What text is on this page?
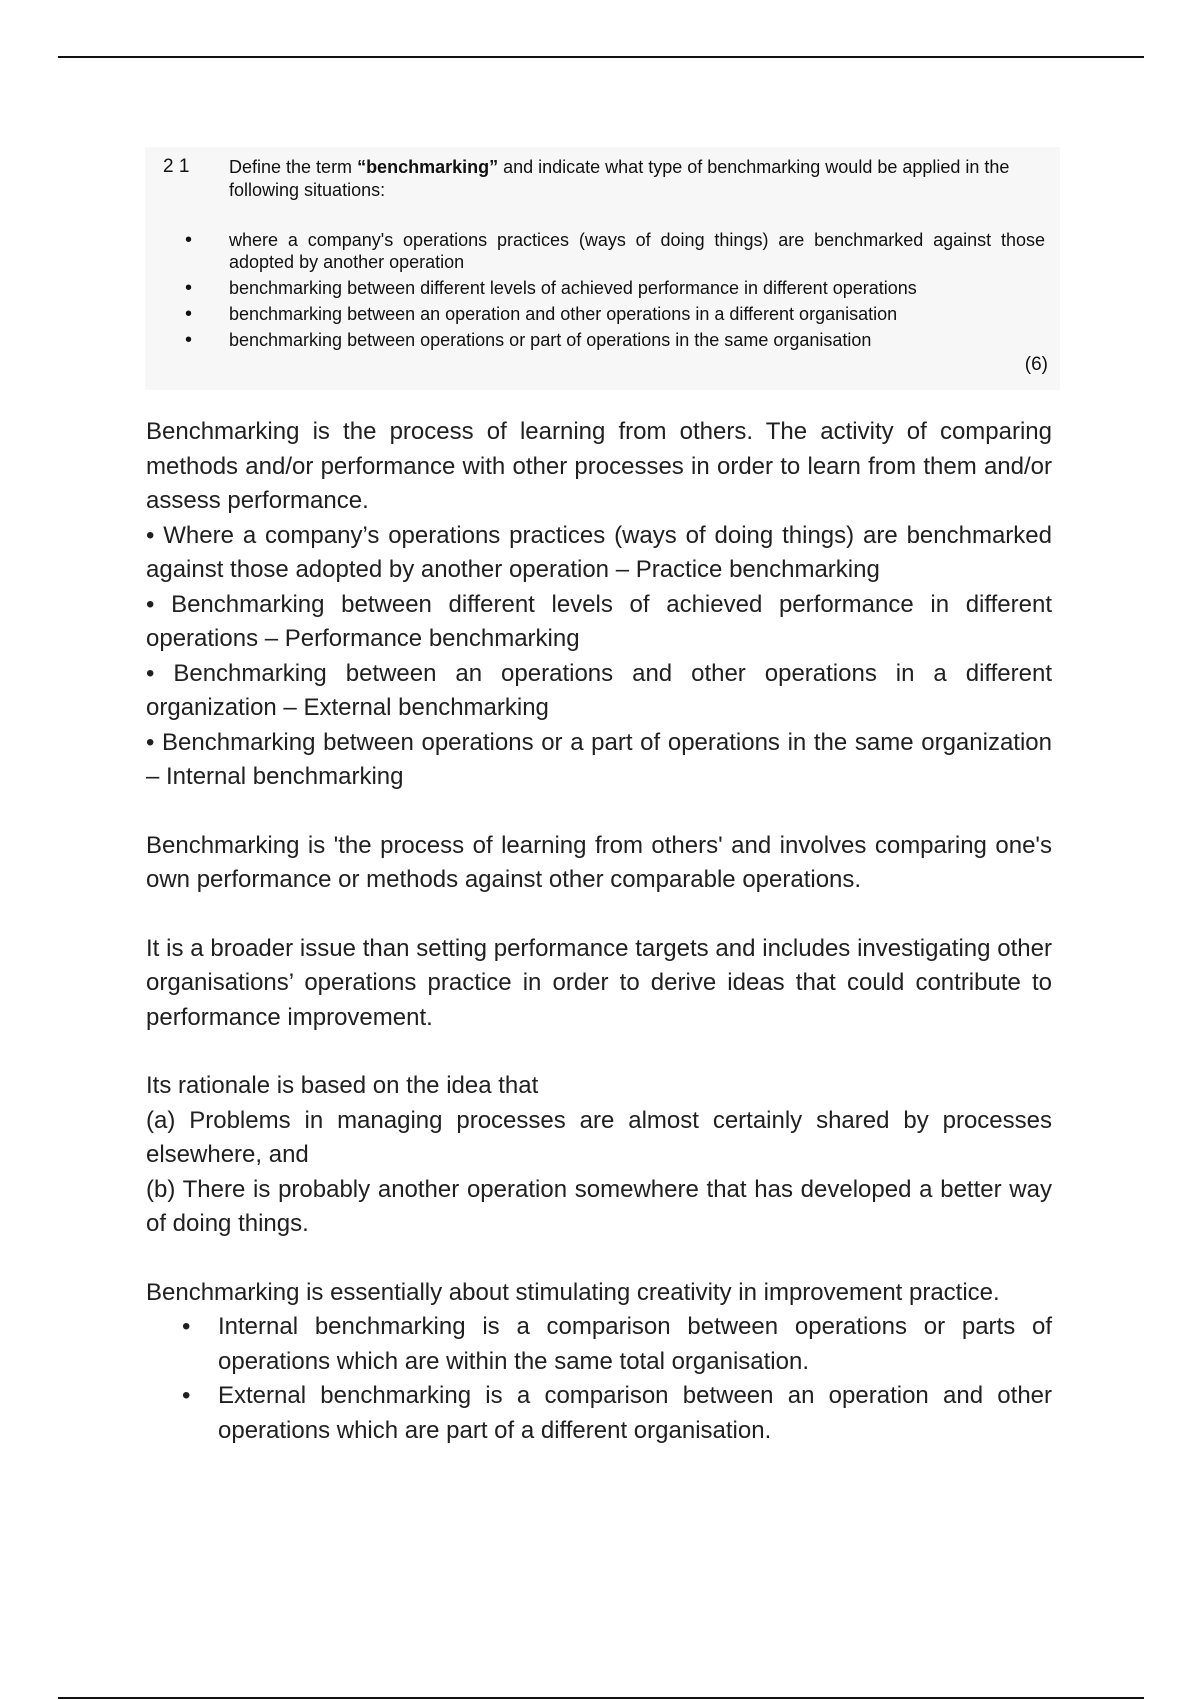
2 1 Define the term “benchmarking” and indicate what type of benchmarking would be applied in the following situations:
• where a company's operations practices (ways of doing things) are benchmarked against those adopted by another operation
• benchmarking between different levels of achieved performance in different operations
• benchmarking between an operation and other operations in a different organisation
• benchmarking between operations or part of operations in the same organisation
(6)

Benchmarking is the process of learning from others. The activity of comparing methods and/or performance with other processes in order to learn from them and/or assess performance.

• Where a company’s operations practices (ways of doing things) are benchmarked against those adopted by another operation – Practice benchmarking

• Benchmarking between different levels of achieved performance in different operations – Performance benchmarking

• Benchmarking between an operations and other operations in a different organization – External benchmarking

• Benchmarking between operations or a part of operations in the same organization – Internal benchmarking

Benchmarking is 'the process of learning from others' and involves comparing one's own performance or methods against other comparable operations.

It is a broader issue than setting performance targets and includes investigating other organisations’ operations practice in order to derive ideas that could contribute to performance improvement.

Its rationale is based on the idea that

(a) Problems in managing processes are almost certainly shared by processes elsewhere, and

(b) There is probably another operation somewhere that has developed a better way of doing things.

Benchmarking is essentially about stimulating creativity in improvement practice.

• Internal benchmarking is a comparison between operations or parts of operations which are within the same total organisation.
• External benchmarking is a comparison between an operation and other operations which are part of a different organisation.
